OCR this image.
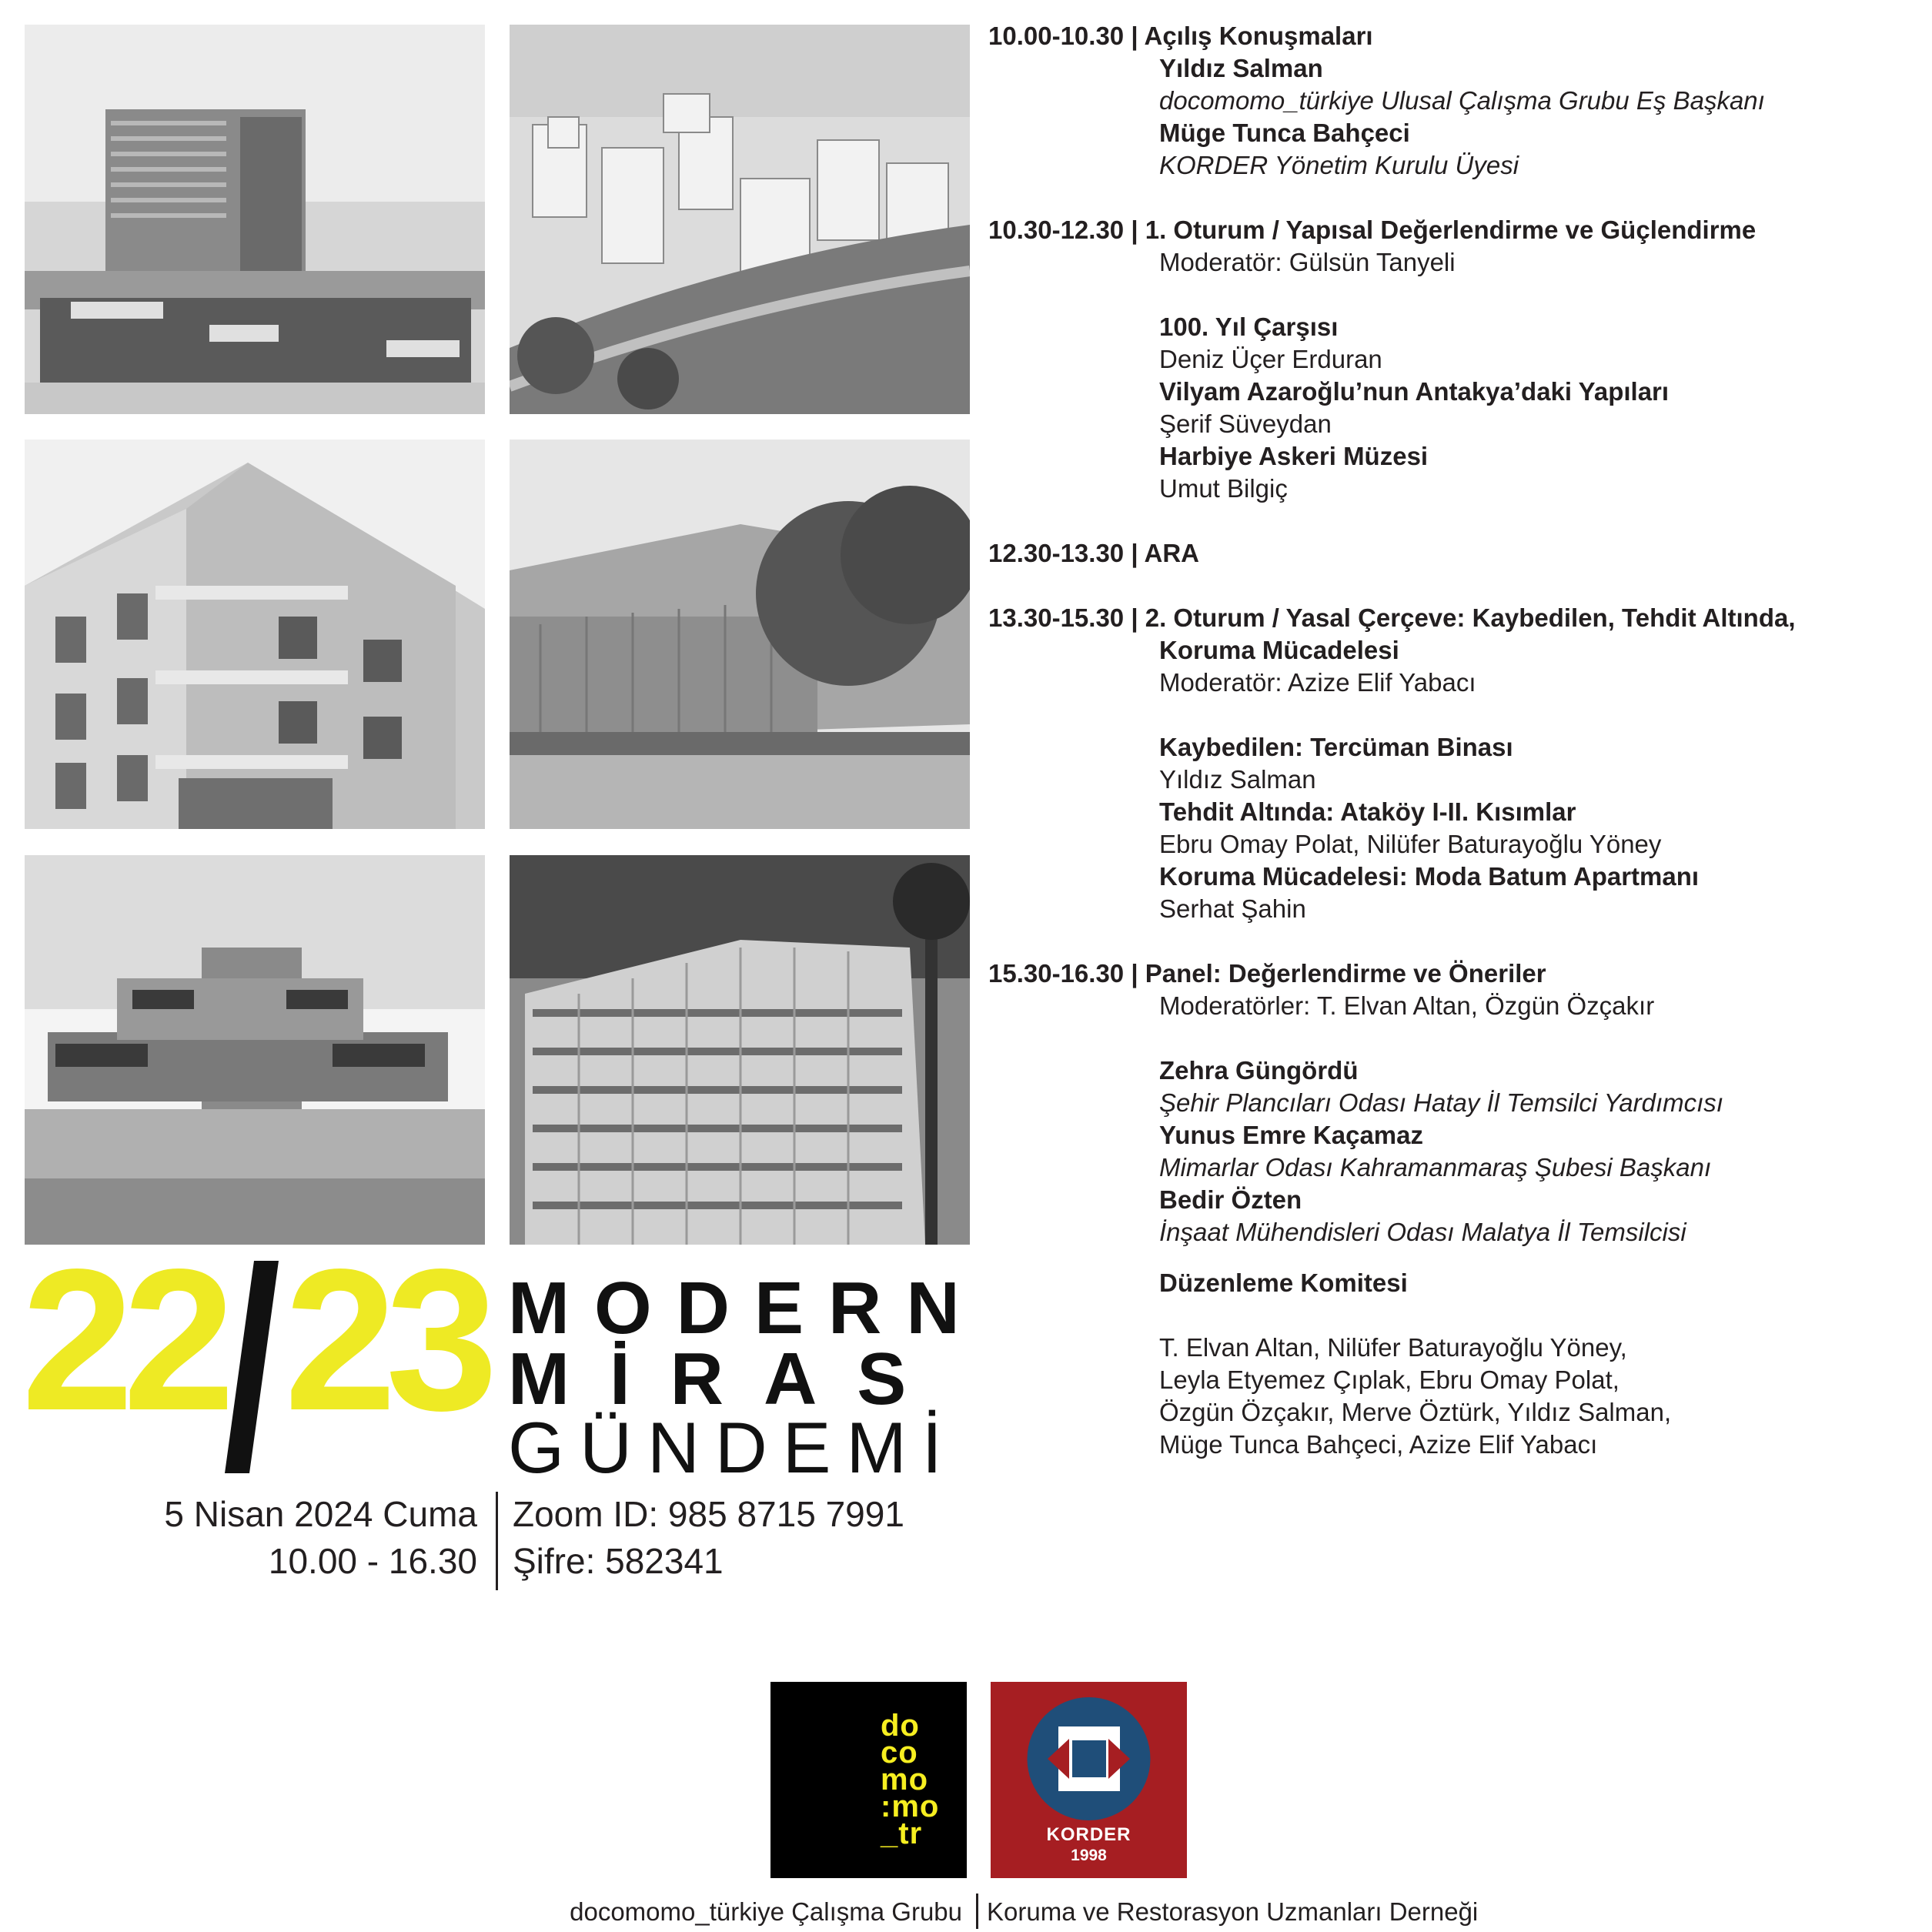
22 23 MODERN
MİRAS
GÜNDEMİ
5 Nisan 2024 Cuma
10.00 - 16.30
Zoom ID: 985 8715 7991
Şifre: 582341
10.00-10.30 | Açılış Konuşmaları
Yıldız Salman
docomomo_türkiye Ulusal Çalışma Grubu Eş Başkanı
Müge Tunca Bahçeci
KORDER Yönetim Kurulu Üyesi
10.30-12.30 | 1. Oturum / Yapısal Değerlendirme ve Güçlendirme
Moderatör: Gülsün Tanyeli
100. Yıl Çarşısı
Deniz Üçer Erduran
Vilyam Azaroğlu’nun Antakya’daki Yapıları
Şerif Süveydan
Harbiye Askeri Müzesi
Umut Bilgiç
12.30-13.30 | ARA
13.30-15.30 | 2. Oturum / Yasal Çerçeve: Kaybedilen, Tehdit Altında,
Koruma Mücadelesi
Moderatör: Azize Elif Yabacı
Kaybedilen: Tercüman Binası
Yıldız Salman
Tehdit Altında: Ataköy I-II. Kısımlar
Ebru Omay Polat, Nilüfer Baturayoğlu Yöney
Koruma Mücadelesi: Moda Batum Apartmanı
Serhat Şahin
15.30-16.30 | Panel: Değerlendirme ve Öneriler
Moderatörler: T. Elvan Altan, Özgün Özçakır
Zehra Güngördü
Şehir Plancıları Odası Hatay İl Temsilci Yardımcısı
Yunus Emre Kaçamaz
Mimarlar Odası Kahramanmaraş Şubesi Başkanı
Bedir Özten
İnşaat Mühendisleri Odası Malatya İl Temsilcisi
Düzenleme Komitesi
T. Elvan Altan, Nilüfer Baturayoğlu Yöney,
Leyla Etyemez Çıplak, Ebru Omay Polat,
Özgün Özçakır, Merve Öztürk, Yıldız Salman,
Müge Tunca Bahçeci, Azize Elif Yabacı
do
co
mo
:mo
_tr	KORDER
1998
docomomo_türkiye Çalışma Grubu Koruma ve Restorasyon Uzmanları Derneği
